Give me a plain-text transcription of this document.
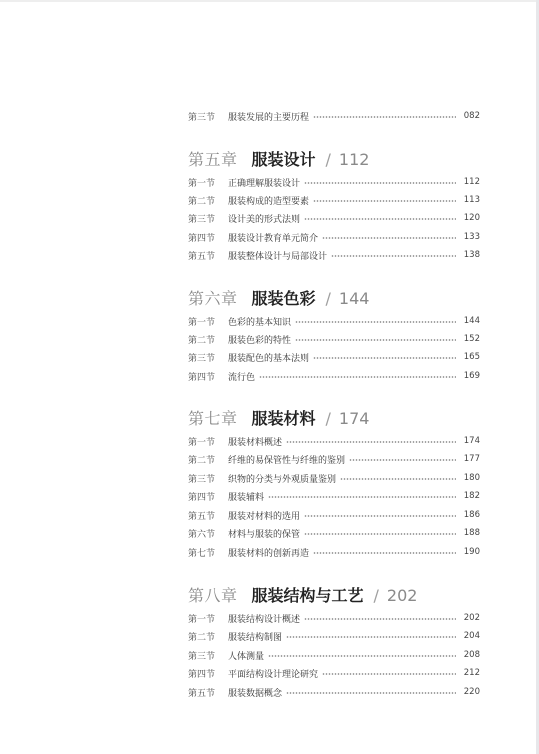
第三节	服装发展的主要历程	082
第五章 服装设计 / 112
第一节	正确理解服装设计	112
第二节	服装构成的造型要素	113
第三节	设计美的形式法则	120
第四节	服装设计教育单元简介	133
第五节	服装整体设计与局部设计	138
第六章 服装色彩 / 144
第一节	色彩的基本知识	144
第二节	服装色彩的特性	152
第三节	服装配色的基本法则	165
第四节	流行色	169
第七章 服装材料 / 174
第一节	服装材料概述	174
第二节	纤维的易保管性与纤维的鉴别	177
第三节	织物的分类与外观质量鉴别	180
第四节	服装辅料	182
第五节	服装对材料的选用	186
第六节	材料与服装的保管	188
第七节	服装材料的创新再造	190
第八章 服装结构与工艺 / 202
第一节	服装结构设计概述	202
第二节	服装结构制图	204
第三节	人体测量	208
第四节	平面结构设计理论研究	212
第五节	服装数据概念	220
